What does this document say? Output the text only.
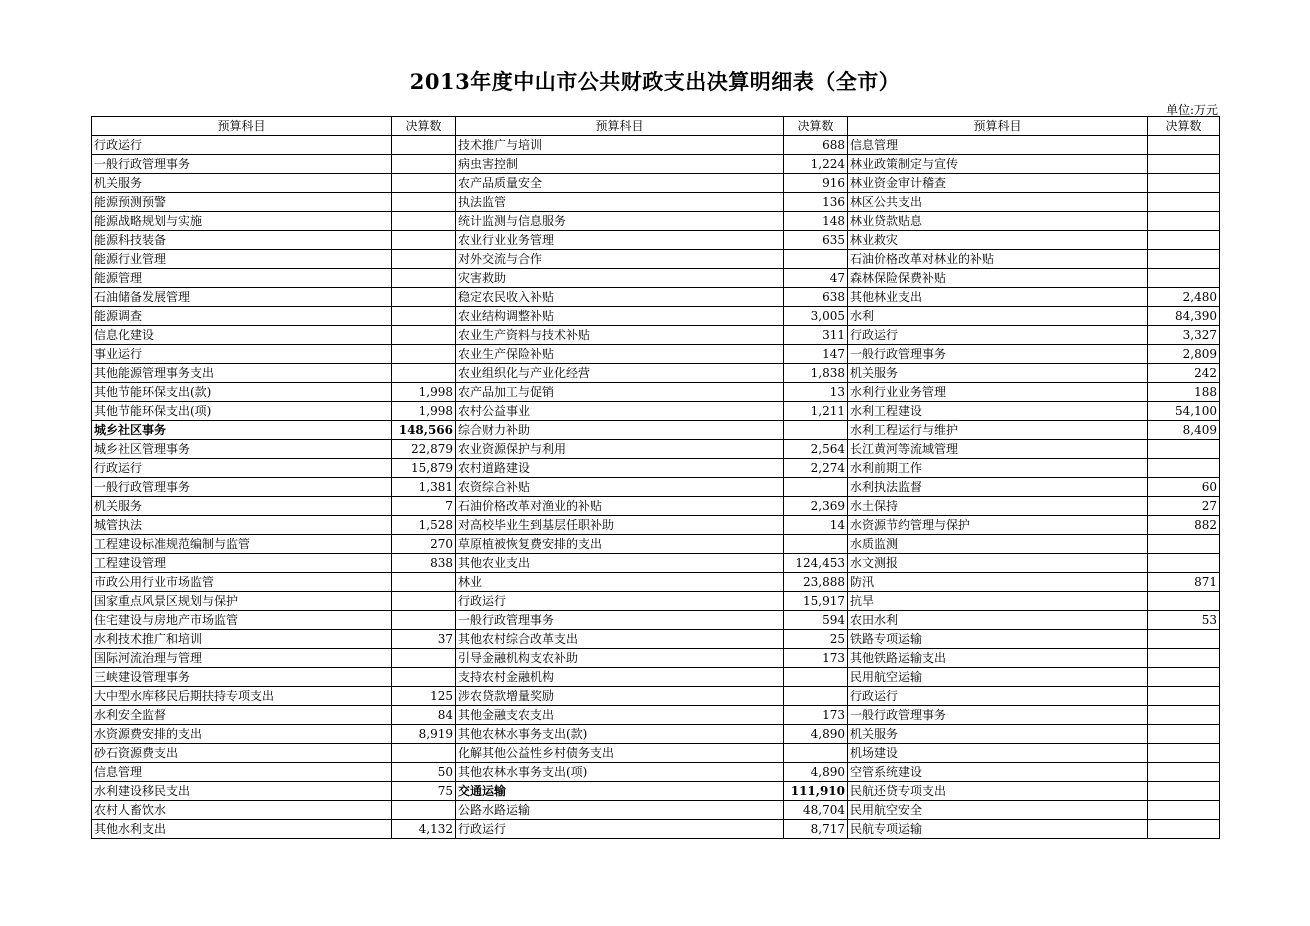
2013年度中山市公共财政支出决算明细表（全市）
单位:万元
预算科目	决算数	预算科目	决算数	预算科目	决算数
行政运行		技术推广与培训	688	信息管理	
一般行政管理事务		病虫害控制	1,224	林业政策制定与宣传	
机关服务		农产品质量安全	916	林业资金审计稽查	
能源预测预警		执法监管	136	林区公共支出	
能源战略规划与实施		统计监测与信息服务	148	林业贷款贴息	
能源科技装备		农业行业业务管理	635	林业救灾	
能源行业管理		对外交流与合作		石油价格改革对林业的补贴	
能源管理		灾害救助	47	森林保险保费补贴	
石油储备发展管理		稳定农民收入补贴	638	其他林业支出	2,480
能源调查		农业结构调整补贴	3,005	水利	84,390
信息化建设		农业生产资料与技术补贴	311	行政运行	3,327
事业运行		农业生产保险补贴	147	一般行政管理事务	2,809
其他能源管理事务支出		农业组织化与产业化经营	1,838	机关服务	242
其他节能环保支出(款)	1,998	农产品加工与促销	13	水利行业业务管理	188
其他节能环保支出(项)	1,998	农村公益事业	1,211	水利工程建设	54,100
城乡社区事务	148,566	综合财力补助		水利工程运行与维护	8,409
城乡社区管理事务	22,879	农业资源保护与利用	2,564	长江黄河等流域管理	
行政运行	15,879	农村道路建设	2,274	水利前期工作	
一般行政管理事务	1,381	农资综合补贴		水利执法监督	60
机关服务	7	石油价格改革对渔业的补贴	2,369	水土保持	27
城管执法	1,528	对高校毕业生到基层任职补助	14	水资源节约管理与保护	882
工程建设标准规范编制与监管	270	草原植被恢复费安排的支出		水质监测	
工程建设管理	838	其他农业支出	124,453	水文测报	
市政公用行业市场监管		林业	23,888	防汛	871
国家重点风景区规划与保护		行政运行	15,917	抗旱	
住宅建设与房地产市场监管		一般行政管理事务	594	农田水利	53
水利技术推广和培训	37	其他农村综合改革支出	25	铁路专项运输	
国际河流治理与管理		引导金融机构支农补助	173	其他铁路运输支出	
三峡建设管理事务		支持农村金融机构		民用航空运输	
大中型水库移民后期扶持专项支出	125	涉农贷款增量奖励		行政运行	
水利安全监督	84	其他金融支农支出	173	一般行政管理事务	
水资源费安排的支出	8,919	其他农林水事务支出(款)	4,890	机关服务	
砂石资源费支出		化解其他公益性乡村债务支出		机场建设	
信息管理	50	其他农林水事务支出(项)	4,890	空管系统建设	
水利建设移民支出	75	交通运输	111,910	民航还贷专项支出	
农村人畜饮水		公路水路运输	48,704	民用航空安全	
其他水利支出	4,132	行政运行	8,717	民航专项运输	
